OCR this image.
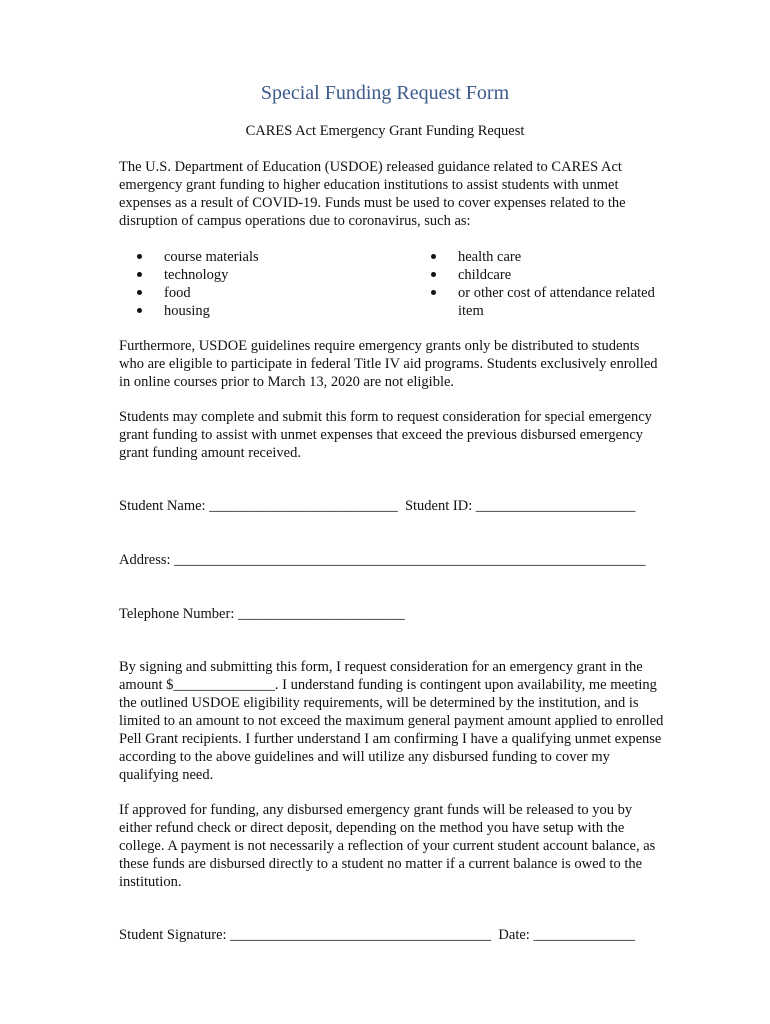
Special Funding Request Form
CARES Act Emergency Grant Funding Request

The U.S. Department of Education (USDOE) released guidance related to CARES Act emergency grant funding to higher education institutions to assist students with unmet expenses as a result of COVID-19. Funds must be used to cover expenses related to the disruption of campus operations due to coronavirus, such as:

course materials
technology
food
housing
health care
childcare
or other cost of attendance related item

Furthermore, USDOE guidelines require emergency grants only be distributed to students who are eligible to participate in federal Title IV aid programs. Students exclusively enrolled in online courses prior to March 13, 2020 are not eligible.

Students may complete and submit this form to request consideration for special emergency grant funding to assist with unmet expenses that exceed the previous disbursed emergency grant funding amount received.

Student Name: __________________________ Student ID: ______________________
Address: _________________________________________________________________
Telephone Number: _______________________

By signing and submitting this form, I request consideration for an emergency grant in the amount $______________. I understand funding is contingent upon availability, me meeting the outlined USDOE eligibility requirements, will be determined by the institution, and is limited to an amount to not exceed the maximum general payment amount applied to enrolled Pell Grant recipients. I further understand I am confirming I have a qualifying unmet expense according to the above guidelines and will utilize any disbursed funding to cover my qualifying need.

If approved for funding, any disbursed emergency grant funds will be released to you by either refund check or direct deposit, depending on the method you have setup with the college. A payment is not necessarily a reflection of your current student account balance, as these funds are disbursed directly to a student no matter if a current balance is owed to the institution.

Student Signature: ____________________________________ Date: ______________
